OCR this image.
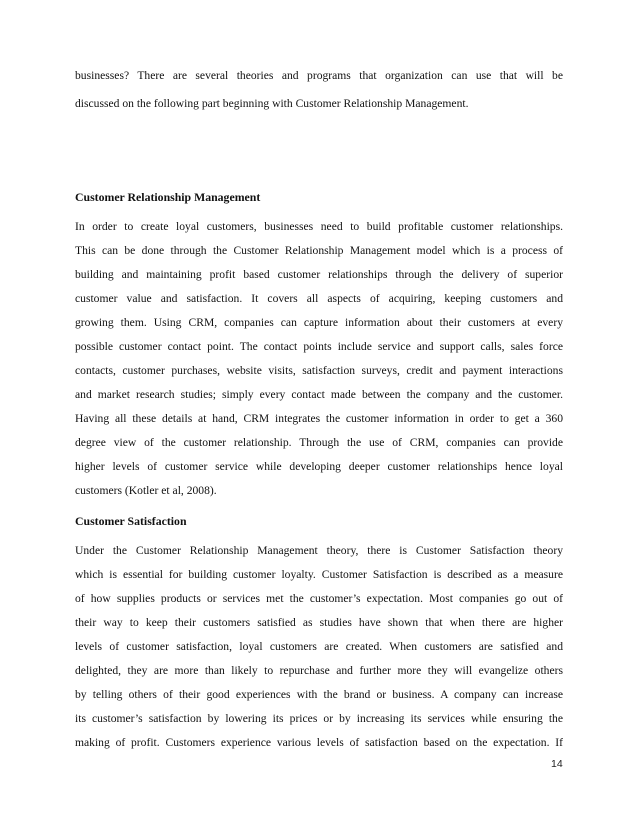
businesses? There are several theories and programs that organization can use that will be
discussed on the following part beginning with Customer Relationship Management.
Customer Relationship Management
In order to create loyal customers, businesses need to build profitable customer relationships.
This can be done through the Customer Relationship Management model which is a process of
building and maintaining profit based customer relationships through the delivery of superior
customer value and satisfaction. It covers all aspects of acquiring, keeping customers and
growing them. Using CRM, companies can capture information about their customers at every
possible customer contact point. The contact points include service and support calls, sales force
contacts, customer purchases, website visits, satisfaction surveys, credit and payment interactions
and market research studies; simply every contact made between the company and the customer.
Having all these details at hand, CRM integrates the customer information in order to get a 360
degree view of the customer relationship. Through the use of CRM, companies can provide
higher levels of customer service while developing deeper customer relationships hence loyal
customers (Kotler et al, 2008).
Customer Satisfaction
Under the Customer Relationship Management theory, there is Customer Satisfaction theory
which is essential for building customer loyalty. Customer Satisfaction is described as a measure
of how supplies products or services met the customer’s expectation. Most companies go out of
their way to keep their customers satisfied as studies have shown that when there are higher
levels of customer satisfaction, loyal customers are created. When customers are satisfied and
delighted, they are more than likely to repurchase and further more they will evangelize others
by telling others of their good experiences with the brand or business. A company can increase
its customer’s satisfaction by lowering its prices or by increasing its services while ensuring the
making of profit. Customers experience various levels of satisfaction based on the expectation. If
14
